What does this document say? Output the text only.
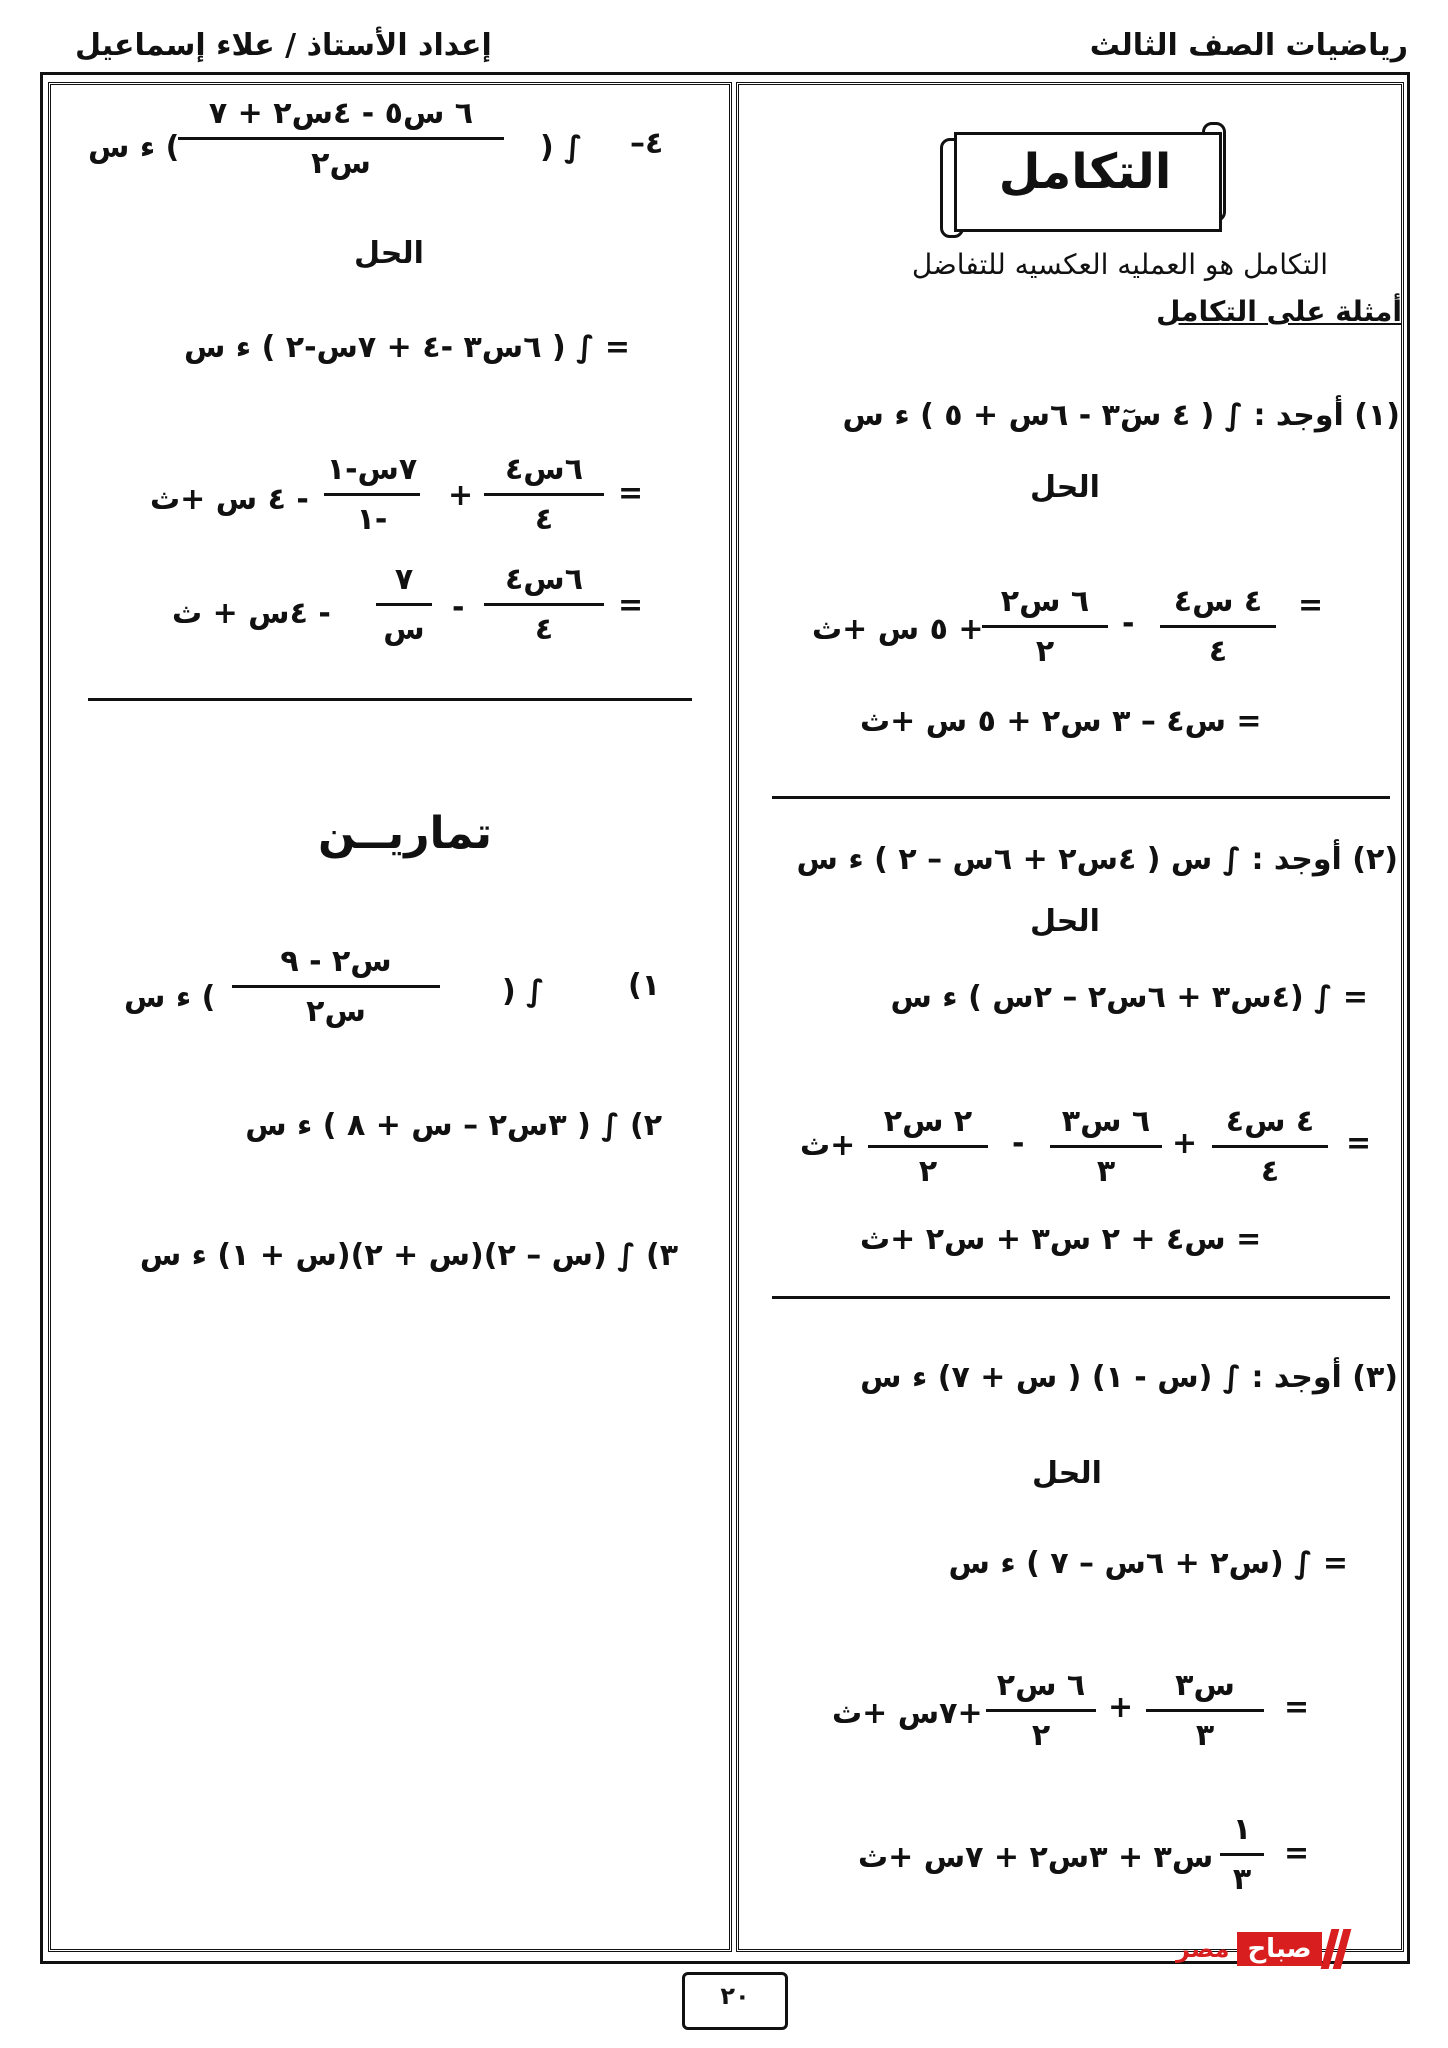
رياضيات الصف الثالث
إعداد الأستاذ / علاء إسماعيل
التكامل
التكامل هو العمليه العكسيه للتفاضل
أمثلة على التكامل
(١) أوجد : ∫ ( ٤ سٓ٣ - ٦س + ٥ ) ء س
الحل
=
٤ س٤
٤
-
٦ س٢
٢
+ ٥ س +ث
= س٤ – ٣ س٢ + ٥ س +ث
(٢) أوجد : ∫ س ( ٤س٢ + ٦س – ٢ ) ء س
الحل
= ∫ (٤س٣ + ٦س٢ – ٢س ) ء س
=
٤ س٤
٤
+
٦ س٣
٣
-
٢ س٢
٢
+ث
= س٤ + ٢ س٣ + س٢ +ث
(٣) أوجد : ∫ (س - ١) ( س + ٧) ء س
الحل
= ∫ (س٢ + ٦س – ٧ ) ء س
=
س٣
٣
+
٦ س٢
٢
+٧س +ث
=
١
٣
س٣ + ٣س٢ + ٧س +ث
٤–
∫ (
٦ س٥ - ٤س٢ + ٧
س٢
) ء س
الحل
= ∫ ( ٦س٣ -٤ + ٧س-٢ ) ء س
=
٦س٤
٤
+
٧س-١
١-
- ٤ س +ث
=
٦س٤
٤
-
٧
س
- ٤س + ث
تماريــن
١)
∫ (
س٢ - ٩
س٢
) ء س
٢) ∫ ( ٣س٢ – س + ٨ ) ء س
٣) ∫ (س – ٢)(س + ٢)(س + ١) ء س
صباح
مصر
٢٠
